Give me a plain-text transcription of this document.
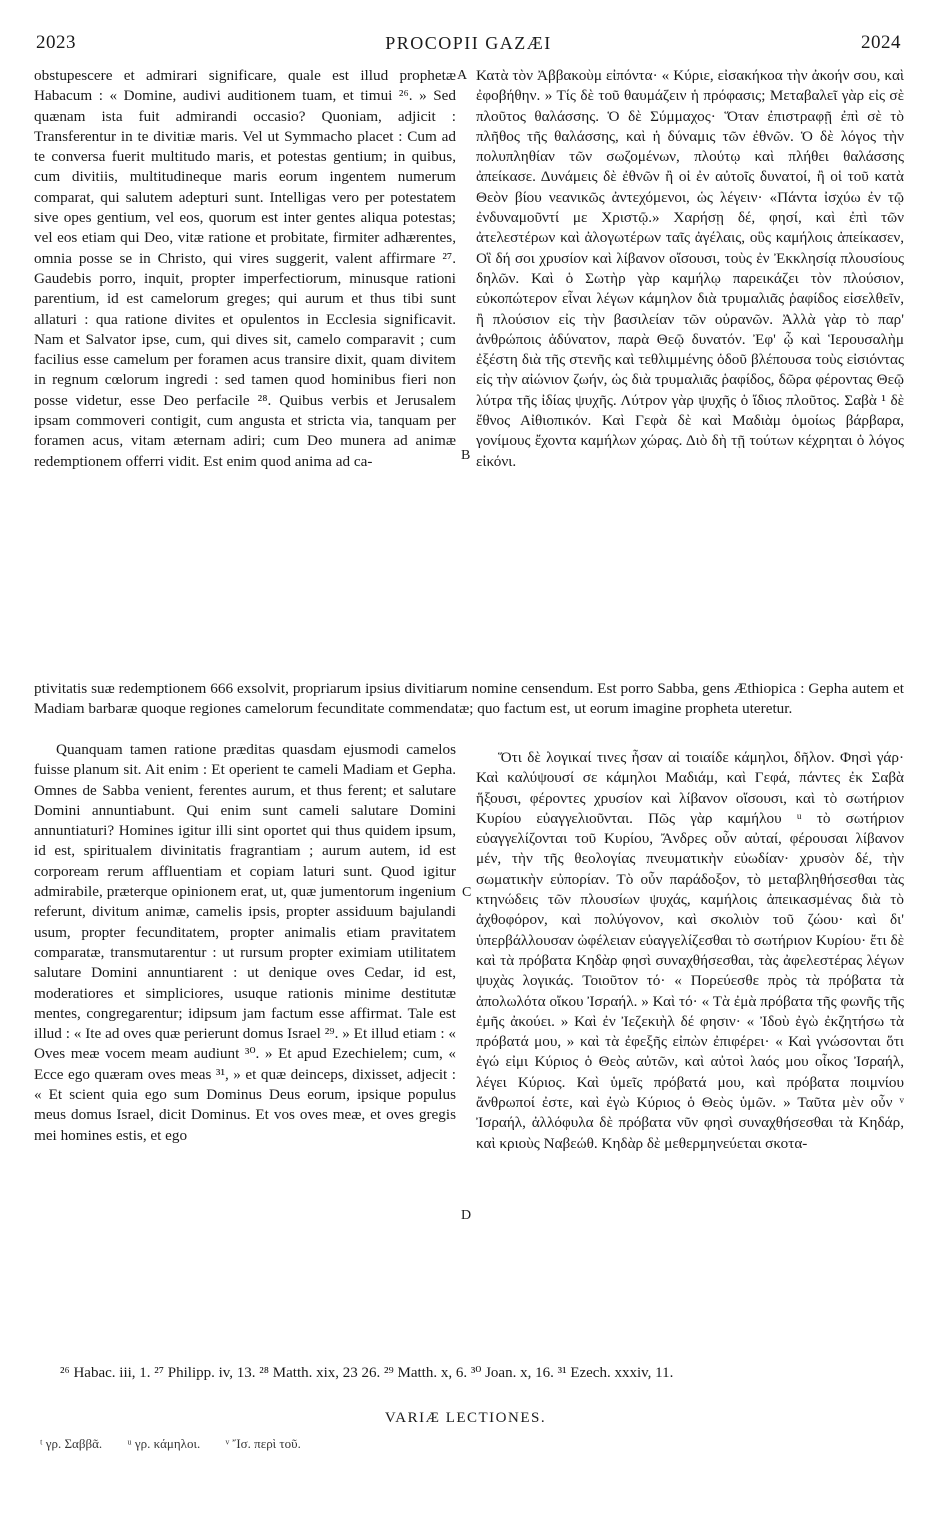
2023	PROCOPII GAZÆI	2024
A
B
C
D

obstupescere et admirari significare, quale est illud prophetæ Habacum : « Domine, audivi auditionem tuam, et timui ²⁶. » Sed quænam ista fuit admirandi occasio? Quoniam, adjicit : Transferentur in te divitiæ maris. Vel ut Symmacho placet : Cum ad te conversa fuerit multitudo maris, et potestas gentium; in quibus, cum divitiis, multitudineque maris eorum ingentem numerum comparat, qui salutem adepturi sunt. Intelligas vero per potestatem sive opes gentium, vel eos, quorum est inter gentes aliqua potestas; vel eos etiam qui Deo, vitæ ratione et probitate, firmiter adhærentes, omnia posse se in Christo, qui vires suggerit, valent affirmare ²⁷. Gaudebis porro, inquit, propter imperfectiorum, minusque rationi parentium, id est camelorum greges; qui aurum et thus tibi sunt allaturi : qua ratione divites et opulentos in Ecclesia significavit. Nam et Salvator ipse, cum, qui dives sit, camelo comparavit ; cum facilius esse camelum per foramen acus transire dixit, quam divitem in regnum cœlorum ingredi : sed tamen quod hominibus fieri non posse videtur, esse Deo perfacile ²⁸. Quibus verbis et Jerusalem ipsam commoveri contigit, cum angusta et stricta via, tanquam per foramen acus, vitam æternam adiri; cum Deo munera ad animæ redemptionem offerri vidit. Est enim quod anima ad ca-

Κατὰ τὸν Ἀββακοὺμ εἰπόντα· « Κύριε, εἰσακήκοα τὴν ἀκοήν σου, καὶ ἐφοβήθην. » Τίς δὲ τοῦ θαυμάζειν ἡ πρόφασις; Μεταβαλεῖ γὰρ εἰς σὲ πλοῦτος θαλάσσης. Ὁ δὲ Σύμμαχος· Ὅταν ἐπιστραφῇ ἐπὶ σὲ τὸ πλῆθος τῆς θαλάσσης, καὶ ἡ δύναμις τῶν ἐθνῶν. Ὁ δὲ λόγος τὴν πολυπληθίαν τῶν σωζομένων, πλούτῳ καὶ πλήθει θαλάσσης ἀπείκασε. Δυνάμεις δὲ ἐθνῶν ἢ οἱ ἐν αὐτοῖς δυνατοί, ἢ οἱ τοῦ κατὰ Θεὸν βίου νεανικῶς ἀντεχόμενοι, ὡς λέγειν· «Πάντα ἰσχύω ἐν τῷ ἐνδυναμοῦντί με Χριστῷ.» Χαρήσῃ δέ, φησί, καὶ ἐπὶ τῶν ἀτελεστέρων καὶ ἀλογωτέρων ταῖς ἀγέλαις, οὓς καμήλοις ἀπείκασεν, Οἳ δή σοι χρυσίον καὶ λίβανον οἴσουσι, τοὺς ἐν Ἐκκλησίᾳ πλουσίους δηλῶν. Καὶ ὁ Σωτὴρ γὰρ καμήλῳ παρεικάζει τὸν πλούσιον, εὐκοπώτερον εἶναι λέγων κάμηλον διὰ τρυμαλιᾶς ῥαφίδος εἰσελθεῖν, ἢ πλούσιον εἰς τὴν βασιλείαν τῶν οὐρανῶν. Ἀλλὰ γὰρ τὸ παρ' ἀνθρώποις ἀδύνατον, παρὰ Θεῷ δυνατόν. Ἐφ' ᾧ καὶ Ἱερουσαλὴμ ἐξέστη διὰ τῆς στενῆς καὶ τεθλιμμένης ὁδοῦ βλέπουσα τοὺς εἰσιόντας εἰς τὴν αἰώνιον ζωήν, ὡς διὰ τρυμαλιᾶς ῥαφίδος, δῶρα φέροντας Θεῷ λύτρα τῆς ἰδίας ψυχῆς. Λύτρον γὰρ ψυχῆς ὁ ἴδιος πλοῦτος. Σαβὰ ¹ δὲ ἔθνος Αἰθιοπικόν. Καὶ Γεφὰ δὲ καὶ Μαδιὰμ ὁμοίως βάρβαρα, γονίμους ἔχοντα καμήλων χώρας. Διὸ δὴ τῇ τούτων κέχρηται ὁ λόγος εἰκόνι.

ptivitatis suæ redemptionem 666 exsolvit, propriarum ipsius divitiarum nomine censendum. Est porro Sabba, gens Æthiopica : Gepha autem et Madiam barbaræ quoque regiones camelorum fecunditate commendatæ; quo factum est, ut eorum imagine propheta uteretur.

Quanquam tamen ratione præditas quasdam ejusmodi camelos fuisse planum sit. Ait enim : Et operient te cameli Madiam et Gepha. Omnes de Sabba venient, ferentes aurum, et thus ferent; et salutare Domini annuntiabunt. Qui enim sunt cameli salutare Domini annuntiaturi? Homines igitur illi sint oportet qui thus quidem ipsum, id est, spiritualem divinitatis fragrantiam ; aurum autem, id est corpoream rerum affluentiam et copiam laturi sunt. Quod igitur admirabile, præterque opinionem erat, ut, quæ jumentorum ingenium referunt, divitum animæ, camelis ipsis, propter assiduum bajulandi usum, propter fecunditatem, propter animalis etiam pravitatem comparatæ, transmutarentur : ut rursum propter eximiam utilitatem salutare Domini annuntiarent : ut denique oves Cedar, id est, moderatiores et simpliciores, usuque rationis minime destitutæ mentes, congregarentur; idipsum jam factum esse affirmat. Tale est illud : « Ite ad oves quæ perierunt domus Israel ²⁹. » Et illud etiam : « Oves meæ vocem meam audiunt ³⁰. » Et apud Ezechielem; cum, « Ecce ego quæram oves meas ³¹, » et quæ deinceps, dixisset, adjecit : « Et scient quia ego sum Dominus Deus eorum, ipsique populus meus domus Israel, dicit Dominus. Et vos oves meæ, et oves gregis mei homines estis, et ego

Ὅτι δὲ λογικαί τινες ἦσαν αἱ τοιαίδε κάμηλοι, δῆλον. Φησὶ γάρ· Καὶ καλύψουσί σε κάμηλοι Μαδιάμ, καὶ Γεφά, πάντες ἐκ Σαβὰ ἥξουσι, φέροντες χρυσίον καὶ λίβανον οἴσουσι, καὶ τὸ σωτήριον Κυρίου εὐαγγελιοῦνται. Πῶς γὰρ καμήλου ᵘ τὸ σωτήριον εὐαγγελίζονται τοῦ Κυρίου, Ἄνδρες οὖν αὐταί, φέρουσαι λίβανον μέν, τὴν τῆς θεολογίας πνευματικὴν εὐωδίαν· χρυσὸν δέ, τὴν σωματικὴν εὐπορίαν. Τὸ οὖν παράδοξον, τὸ μεταβληθήσεσθαι τὰς κτηνώδεις τῶν πλουσίων ψυχάς, καμήλοις ἀπεικασμένας διὰ τὸ ἀχθοφόρον, καὶ πολύγονον, καὶ σκολιὸν τοῦ ζώου· καὶ δι' ὑπερβάλλουσαν ὠφέλειαν εὐαγγελίζεσθαι τὸ σωτήριον Κυρίου· ἔτι δὲ καὶ τὰ πρόβατα Κηδὰρ φησὶ συναχθήσεσθαι, τὰς ἀφελεστέρας λέγων ψυχὰς λογικάς. Τοιοῦτον τό· « Πορεύεσθε πρὸς τὰ πρόβατα τὰ ἀπολωλότα οἴκου Ἰσραήλ. » Καὶ τό· « Τὰ ἐμὰ πρόβατα τῆς φωνῆς τῆς ἐμῆς ἀκούει. » Καὶ ἐν Ἰεζεκιὴλ δέ φησιν· « Ἰδοὺ ἐγὼ ἐκζητήσω τὰ πρόβατά μου, » καὶ τὰ ἐφεξῆς εἰπὼν ἐπιφέρει· « Καὶ γνώσονται ὅτι ἐγώ εἰμι Κύριος ὁ Θεὸς αὐτῶν, καὶ αὐτοὶ λαός μου οἶκος Ἰσραήλ, λέγει Κύριος. Καὶ ὑμεῖς πρόβατά μου, καὶ πρόβατα ποιμνίου ἄνθρωποί ἐστε, καὶ ἐγὼ Κύριος ὁ Θεὸς ὑμῶν. » Ταῦτα μὲν οὖν ᵛ Ἰσραήλ, ἀλλόφυλα δὲ πρόβατα νῦν φησὶ συναχθήσεσθαι τὰ Κηδάρ, καὶ κριοὺς Ναβεώθ. Κηδὰρ δὲ μεθερμηνεύεται σκοτα-

²⁶ Habac. iii, 1. ²⁷ Philipp. iv, 13. ²⁸ Matth. xix, 23 26. ²⁹ Matth. x, 6. ³⁰ Joan. x, 16. ³¹ Ezech. xxxiv, 11.
VARIÆ LECTIONES.
ᵗ γρ. Σαββᾶ. ᵘ γρ. κάμηλοι. ᵛ Ἴσ. περὶ τοῦ.
